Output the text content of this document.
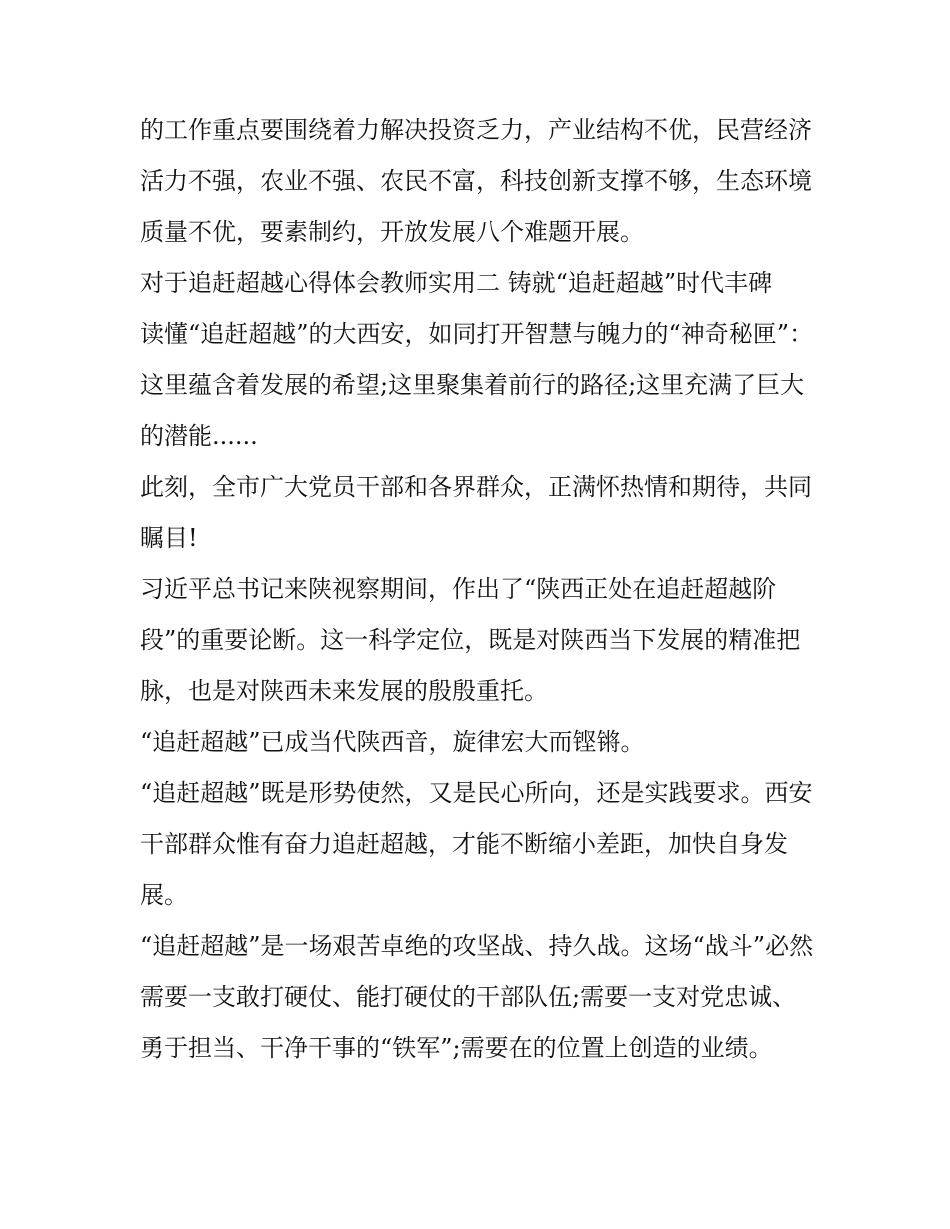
的工作重点要围绕着力解决投资乏力，产业结构不优，民营经济活力不强，农业不强、农民不富，科技创新支撑不够，生态环境质量不优，要素制约，开放发展八个难题开展。

对于追赶超越心得体会教师实用二 铸就“追赶超越”时代丰碑

读懂“追赶超越”的大西安，如同打开智慧与魄力的“神奇秘匣”：这里蕴含着发展的希望;这里聚集着前行的路径;这里充满了巨大的潜能......

此刻，全市广大党员干部和各界群众，正满怀热情和期待，共同瞩目!

习近平总书记来陕视察期间，作出了“陕西正处在追赶超越阶段”的重要论断。这一科学定位，既是对陕西当下发展的精准把脉，也是对陕西未来发展的殷殷重托。

“追赶超越”已成当代陕西音，旋律宏大而铿锵。

“追赶超越”既是形势使然，又是民心所向，还是实践要求。西安干部群众惟有奋力追赶超越，才能不断缩小差距，加快自身发展。

“追赶超越”是一场艰苦卓绝的攻坚战、持久战。这场“战斗”必然需要一支敢打硬仗、能打硬仗的干部队伍;需要一支对党忠诚、勇于担当、干净干事的“铁军”;需要在的位置上创造的业绩。
